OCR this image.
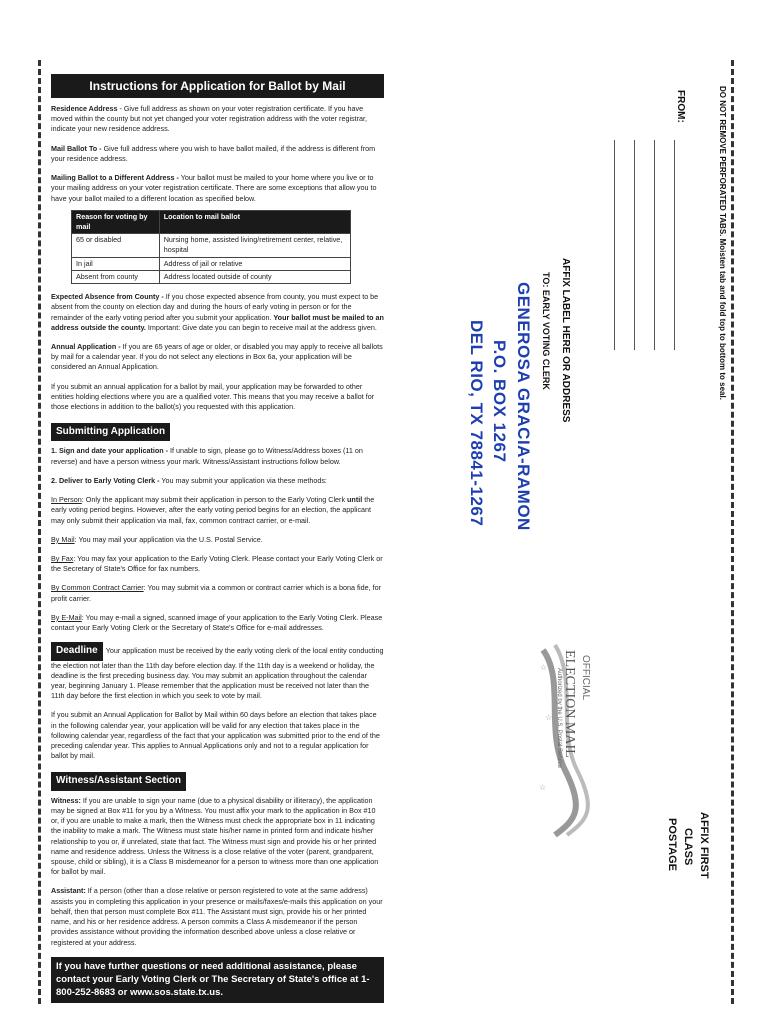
Instructions for Application for Ballot by Mail

Residence Address - Give full address as shown on your voter registration certificate. If you have moved within the county but not yet changed your voter registration address with the voter registrar, indicate your new residence address.

Mail Ballot To - Give full address where you wish to have ballot mailed, if the address is different from your residence address.

Mailing Ballot to a Different Address - Your ballot must be mailed to your home where you live or to your mailing address on your voter registration certificate. There are some exceptions that allow you to have your ballot mailed to a different location as specified below.

Reason for voting by mail	Location to mail ballot
65 or disabled	Nursing home, assisted living/retirement center, relative, hospital
In jail	Address of jail or relative
Absent from county	Address located outside of county

Expected Absence from County - If you chose expected absence from county, you must expect to be absent from the county on election day and during the hours of early voting in person or for the remainder of the early voting period after you submit your application. Your ballot must be mailed to an address outside the county. Important: Give date you can begin to receive mail at the address given.

Annual Application - If you are 65 years of age or older, or disabled you may apply to receive all ballots by mail for a calendar year. If you do not select any elections in Box 6a, your application will be considered an Annual Application.

If you submit an annual application for a ballot by mail, your application may be forwarded to other entities holding elections where you are a qualified voter. This means that you may receive a ballot for those elections in addition to the ballot(s) you requested with this application.

Submitting Application

1. Sign and date your application - If unable to sign, please go to Witness/Address boxes (11 on reverse) and have a person witness your mark. Witness/Assistant instructions follow below.

2. Deliver to Early Voting Clerk - You may submit your application via these methods:

In Person: Only the applicant may submit their application in person to the Early Voting Clerk until the early voting period begins. However, after the early voting period begins for an election, the applicant may only submit their application via mail, fax, common contract carrier, or e-mail.

By Mail: You may mail your application via the U.S. Postal Service.

By Fax: You may fax your application to the Early Voting Clerk. Please contact your Early Voting Clerk or the Secretary of State's Office for fax numbers.

By Common Contract Carrier: You may submit via a common or contract carrier which is a bona fide, for profit carrier.

By E-Mail: You may e-mail a signed, scanned image of your application to the Early Voting Clerk. Please contact your Early Voting Clerk or the Secretary of State's Office for e-mail addresses.

Deadline Your application must be received by the early voting clerk of the local entity conducting the election not later than the 11th day before election day. If the 11th day is a weekend or holiday, the deadline is the first preceding business day. You may submit an application throughout the calendar year, beginning January 1. Please remember that the application must be received not later than the 11th day before the first election in which you seek to vote by mail.

If you submit an Annual Application for Ballot by Mail within 60 days before an election that takes place in the following calendar year, your application will be valid for any election that takes place in the following calendar year, regardless of the fact that your application was submitted prior to the end of the preceding calendar year. This applies to Annual Applications only and not to a regular application for ballot by mail.

Witness/Assistant Section

Witness: If you are unable to sign your name (due to a physical disability or illiteracy), the application may be signed at Box #11 for you by a Witness. You must affix your mark to the application in Box #10 or, if you are unable to make a mark, then the Witness must check the appropriate box in 11 indicating the inability to make a mark. The Witness must state his/her name in printed form and indicate his/her relationship to you or, if unrelated, state that fact. The Witness must sign and provide his or her printed name and residence address. Unless the Witness is a close relative of the voter (parent, grandparent, spouse, child or sibling), it is a Class B misdemeanor for a person to witness more than one application for ballot by mail.

Assistant: If a person (other than a close relative or person registered to vote at the same address) assists you in completing this application in your presence or mails/faxes/e-mails this application on your behalf, then that person must complete Box #11. The Assistant must sign, provide his or her printed name, and his or her residence address. A person commits a Class A misdemeanor if the person provides assistance without providing the information described above unless a close relative or registered at your address.

If you have further questions or need additional assistance, please contact your Early Voting Clerk or The Secretary of State's office at 1-800-252-8683 or www.sos.state.tx.us.
DO NOT REMOVE PERFORATED TABS. Moisten tab and fold top to bottom to seal.
FROM:
AFFIX LABEL HERE OR ADDRESS
TO: EARLY VOTING CLERK
GENEROSA GRACIA-RAMON
P.O. BOX 1267
DEL RIO, TX 78841-1267
☆
☆
☆
OFFICIAL
ELECTION MAIL
Authorized by the U.S. Postal Service
AFFIX FIRST
CLASS
POSTAGE
